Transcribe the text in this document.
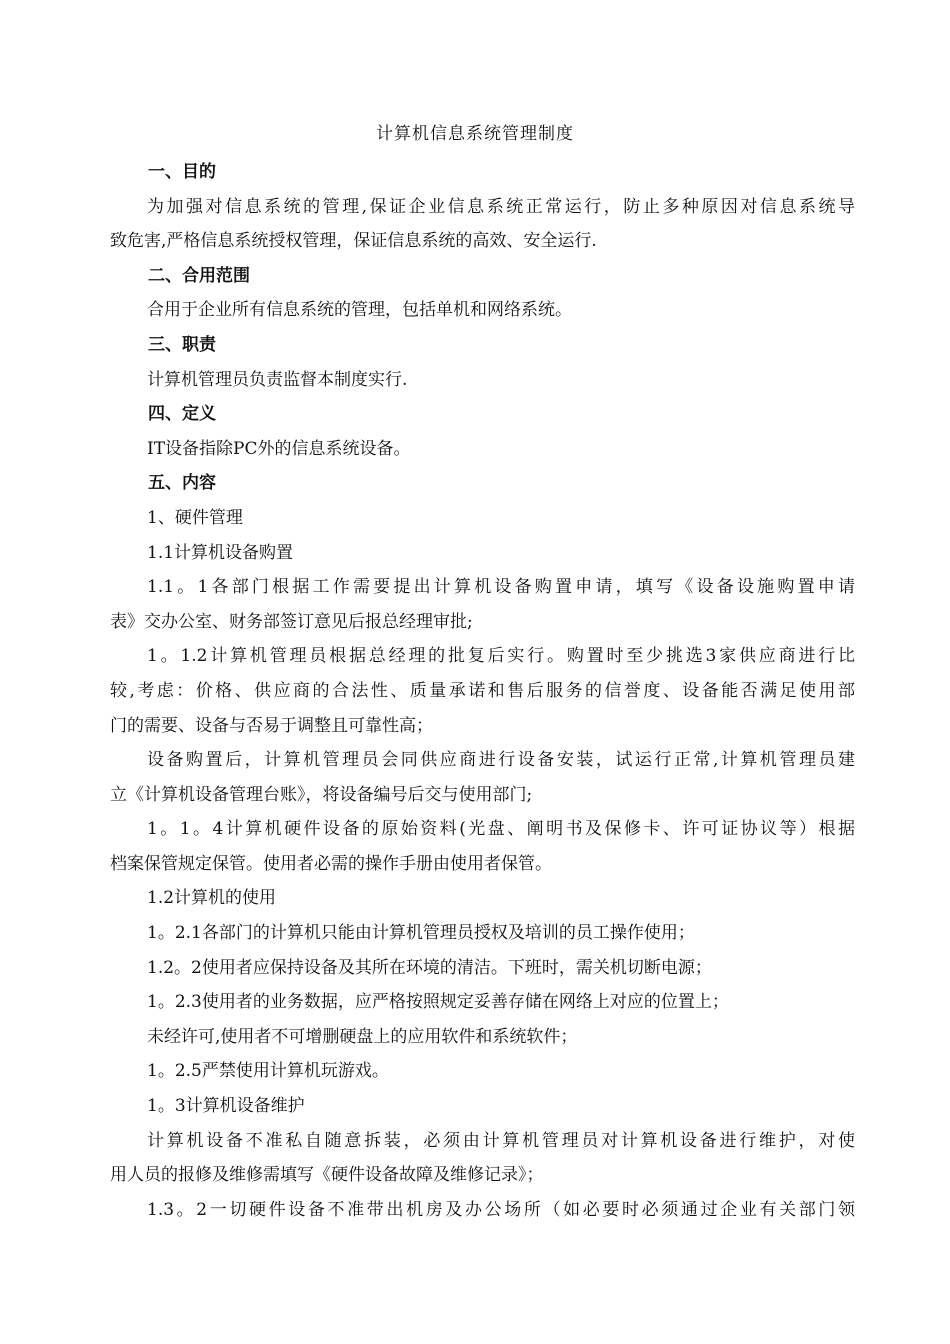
计算机信息系统管理制度
一、目的
为加强对信息系统的管理,保证企业信息系统正常运行，防止多种原因对信息系统导
致危害,严格信息系统授权管理，保证信息系统的高效、安全运行.
二、合用范围
合用于企业所有信息系统的管理，包括单机和网络系统。
三、职责
计算机管理员负责监督本制度实行.
四、定义
IT设备指除PC外的信息系统设备。
五、内容
1、硬件管理
1.1计算机设备购置
1.1。1各部门根据工作需要提出计算机设备购置申请，填写《设备设施购置申请
表》交办公室、财务部签订意见后报总经理审批;
1。1.2计算机管理员根据总经理的批复后实行。购置时至少挑选3家供应商进行比
较,考虑：价格、供应商的合法性、质量承诺和售后服务的信誉度、设备能否满足使用部
门的需要、设备与否易于调整且可靠性高；
设备购置后，计算机管理员会同供应商进行设备安装，试运行正常,计算机管理员建
立《计算机设备管理台账》，将设备编号后交与使用部门;
1。1。4计算机硬件设备的原始资料(光盘、阐明书及保修卡、许可证协议等）根据
档案保管规定保管。使用者必需的操作手册由使用者保管。
1.2计算机的使用
1。2.1各部门的计算机只能由计算机管理员授权及培训的员工操作使用；
1.2。2使用者应保持设备及其所在环境的清洁。下班时，需关机切断电源；
1。2.3使用者的业务数据，应严格按照规定妥善存储在网络上对应的位置上；
未经许可,使用者不可增删硬盘上的应用软件和系统软件；
1。2.5严禁使用计算机玩游戏。
1。3计算机设备维护
计算机设备不准私自随意拆装，必须由计算机管理员对计算机设备进行维护，对使
用人员的报修及维修需填写《硬件设备故障及维修记录》；
1.3。2一切硬件设备不准带出机房及办公场所（如必要时必须通过企业有关部门领
